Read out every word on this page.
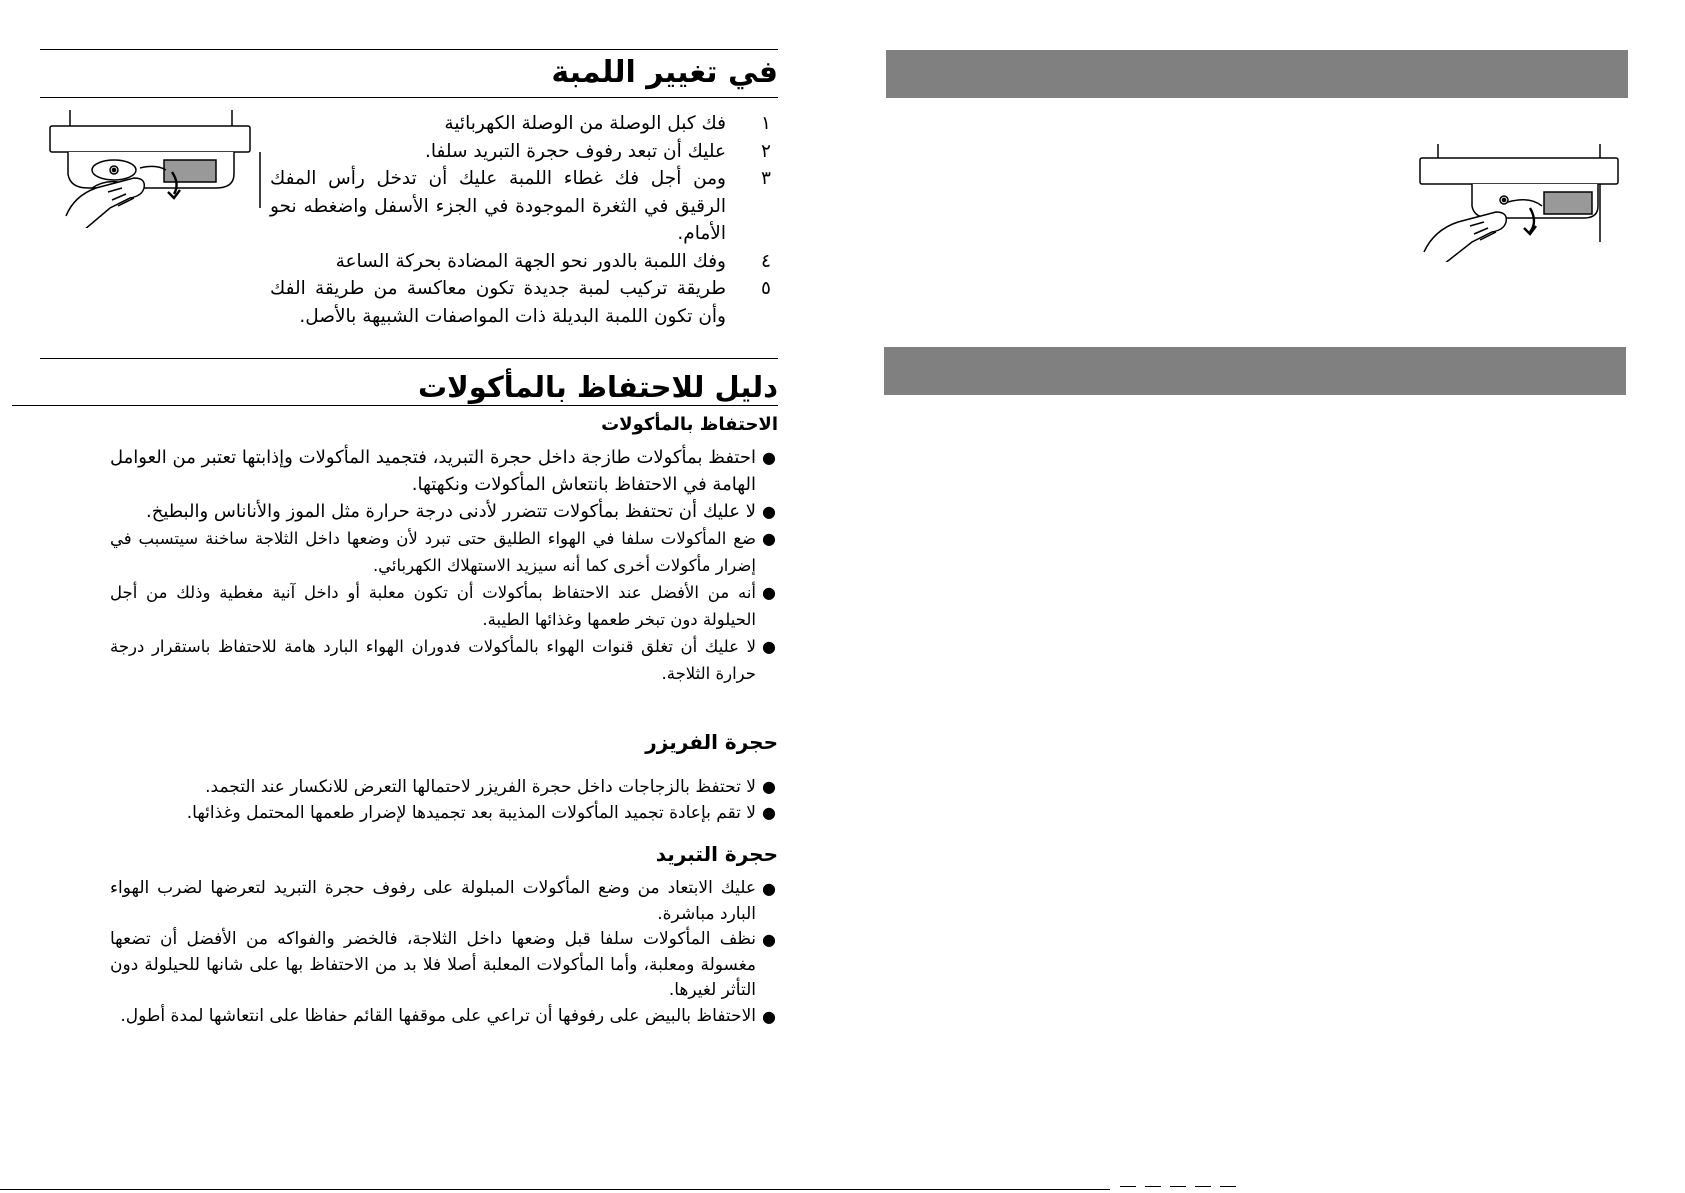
في تغيير اللمبة
١
فك كبل الوصلة من الوصلة الكهربائية
٢
عليك أن تبعد رفوف حجرة التبريد سلفا.
٣
ومن أجل فك غطاء اللمبة عليك أن تدخل رأس المفك الرقيق في الثغرة الموجودة في الجزء الأسفل واضغطه نحو الأمام.
٤
وفك اللمبة بالدور نحو الجهة المضادة بحركة الساعة
٥
طريقة تركيب لمبة جديدة تكون معاكسة من طريقة الفك وأن تكون اللمبة البديلة ذات المواصفات الشبيهة بالأصل.
دليل للاحتفاظ بالمأكولات
الاحتفاظ بالمأكولات
●
احتفظ بمأكولات طازجة داخل حجرة التبريد، فتجميد المأكولات وإذابتها تعتبر من العوامل الهامة في الاحتفاظ بانتعاش المأكولات ونكهتها.
●
لا عليك أن تحتفظ بمأكولات تتضرر لأدنى درجة حرارة مثل الموز والأناناس والبطيخ.
●
ضع المأكولات سلفا في الهواء الطليق حتى تبرد لأن وضعها داخل الثلاجة ساخنة سيتسبب في إضرار مأكولات أخرى كما أنه سيزيد الاستهلاك الكهربائي.
●
أنه من الأفضل عند الاحتفاظ بمأكولات أن تكون معلبة أو داخل آنية مغطية وذلك من أجل الحيلولة دون تبخر طعمها وغذائها الطيبة.
●
لا عليك أن تغلق قنوات الهواء بالمأكولات فدوران الهواء البارد هامة للاحتفاظ باستقرار درجة حرارة الثلاجة.
حجرة الفريزر
●
لا تحتفظ بالزجاجات داخل حجرة الفريزر لاحتمالها التعرض للانكسار عند التجمد.
●
لا تقم بإعادة تجميد المأكولات المذيبة بعد تجميدها لإضرار طعمها المحتمل وغذائها.
حجرة التبريد
●
عليك الابتعاد من وضع المأكولات المبلولة على رفوف حجرة التبريد لتعرضها لضرب الهواء البارد مباشرة.
●
نظف المأكولات سلفا قبل وضعها داخل الثلاجة، فالخضر والفواكه من الأفضل أن تضعها مغسولة ومعلبة، وأما المأكولات المعلبة أصلا فلا بد من الاحتفاظ بها على شانها للحيلولة دون التأثر لغيرها.
●
الاحتفاظ بالبيض على رفوفها أن تراعي على موقفها القائم حفاظا على انتعاشها لمدة أطول.
